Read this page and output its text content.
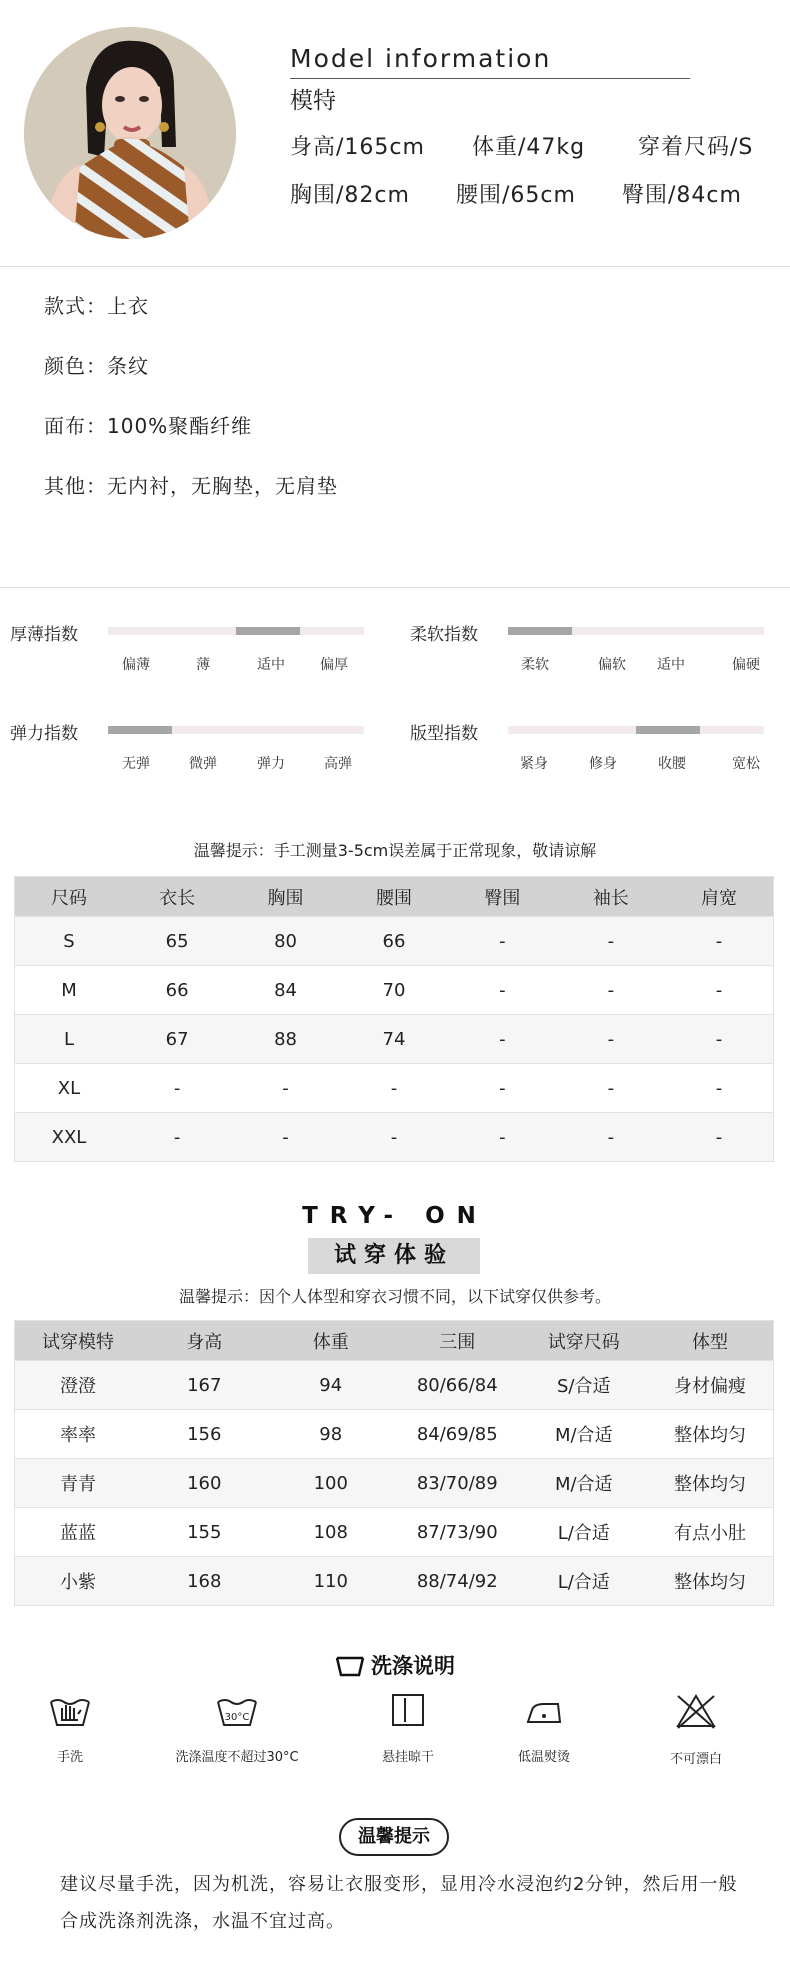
Model information
模特
身高/165cm 体重/47kg 穿着尺码/S
胸围/82cm 腰围/65cm 臀围/84cm
款式：上衣
颜色：条纹
面布：100%聚酯纤维
其他：无内衬，无胸垫，无肩垫
厚薄指数
偏薄	薄	适中	偏厚
柔软指数
柔软	偏软 适中	偏硬
弹力指数
无弹	微弹	弹力	高弹
版型指数
紧身	修身	收腰	宽松
温馨提示：手工测量3-5cm误差属于正常现象，敬请谅解
尺码	衣长	胸围	腰围	臀围	袖长	肩宽
S	65	80	66	-	-	-
M	66	84	70	-	-	-
L	67	88	74	-	-	-
XL	-	-	-	-	-	-
XXL	-	-	-	-	-	-
TRY- ON
试穿体验
温馨提示：因个人体型和穿衣习惯不同，以下试穿仅供参考。
试穿模特	身高	体重	三围	试穿尺码	体型
澄澄	167	94	80/66/84	S/合适	身材偏瘦
率率	156	98	84/69/85	M/合适	整体均匀
青青	160	100	83/70/89	M/合适	整体均匀
蓝蓝	155	108	87/73/90	L/合适	有点小肚
小紫	168	110	88/74/92	L/合适	整体均匀
洗涤说明
手洗
30°C
洗涤温度不超过30°C	悬挂晾干	低温熨烫	不可漂白
温馨提示
建议尽量手洗，因为机洗，容易让衣服变形，显用冷水浸泡约2分钟，然后用一般合成洗涤剂洗涤，水温不宜过高。
